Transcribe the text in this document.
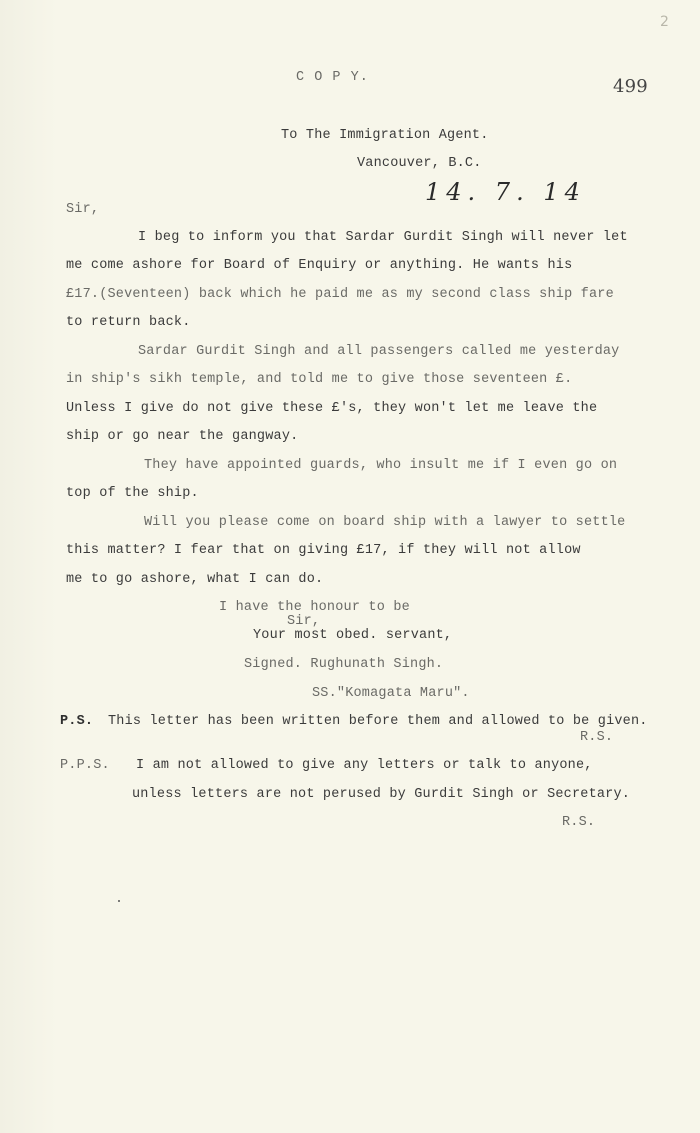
2
C O P Y.	499
To The Immigration Agent.
Vancouver, B.C.
14. 7. 14
Sir,
I beg to inform you that Sardar Gurdit Singh will never let
me come ashore for Board of Enquiry or anything. He wants his
£17.(Seventeen) back which he paid me as my second class ship fare
to return back.
Sardar Gurdit Singh and all passengers called me yesterday
in ship's sikh temple, and told me to give those seventeen £.
Unless I give do not give these £'s, they won't let me leave the
ship or go near the gangway.
They have appointed guards, who insult me if I even go on
top of the ship.
Will you please come on board ship with a lawyer to settle
this matter? I fear that on giving £17, if they will not allow
me to go ashore, what I can do.
I have the honour to be
Sir,
Your most obed. servant,
Signed. Rughunath Singh.
SS."Komagata Maru".
P.S. This letter has been written before them and allowed to be given.
R.S.
P.P.S. I am not allowed to give any letters or talk to anyone,
unless letters are not perused by Gurdit Singh or Secretary.
R.S.
